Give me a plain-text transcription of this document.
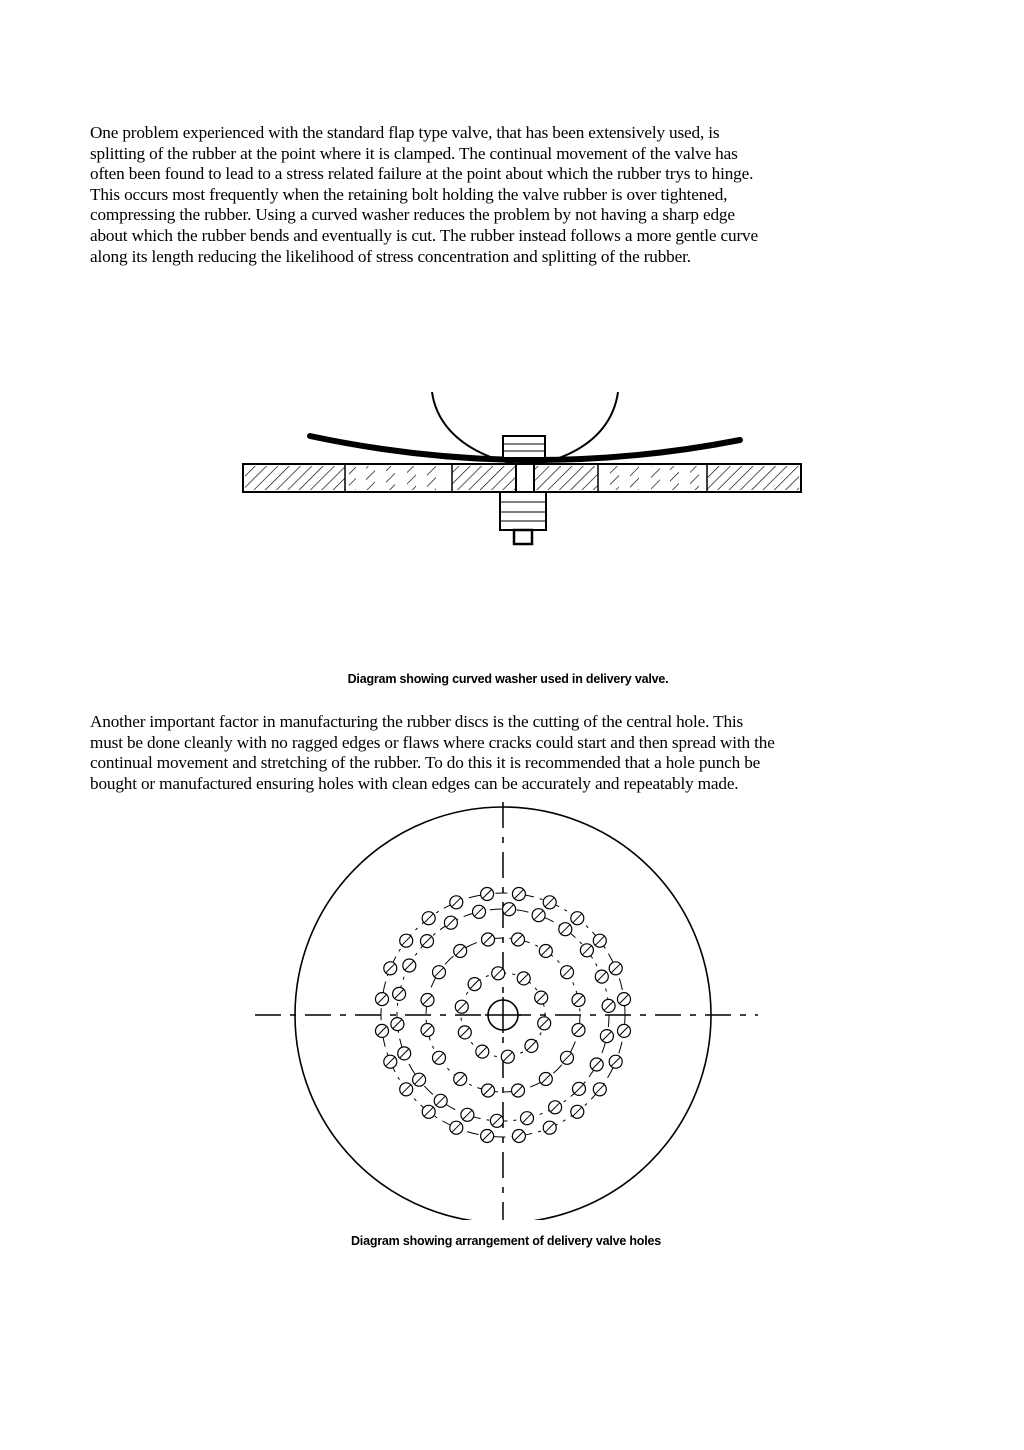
One problem experienced with the standard flap type valve, that has been extensively used, is
splitting of the rubber at the point where it is clamped. The continual movement of the valve has
often been found to lead to a stress related failure at the point about which the rubber trys to hinge.
This occurs most frequently when the retaining bolt holding the valve rubber is over tightened,
compressing the rubber. Using a curved washer reduces the problem by not having a sharp edge
about which the rubber bends and eventually is cut. The rubber instead follows a more gentle curve
along its length reducing the likelihood of stress concentration and splitting of the rubber.

Diagram showing curved washer used in delivery valve.

Another important factor in manufacturing the rubber discs is the cutting of the central hole. This
must be done cleanly with no ragged edges or flaws where cracks could start and then spread with the
continual movement and stretching of the rubber. To do this it is recommended that a hole punch be
bought or manufactured ensuring holes with clean edges can be accurately and repeatably made.

Diagram showing arrangement of delivery valve holes
